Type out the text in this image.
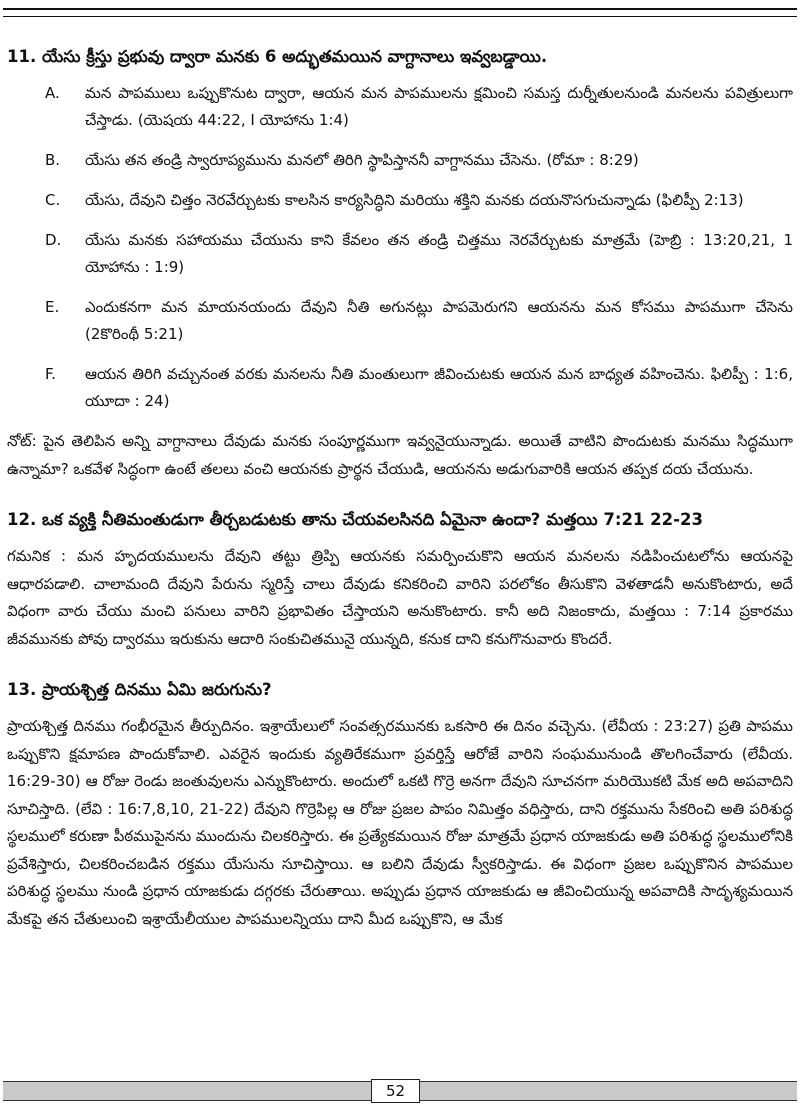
11. యేసు క్రీస్తు ప్రభువు ద్వారా మనకు 6 అద్భుతమయిన వాగ్దానాలు ఇవ్వబడ్డాయి.
A.	మన పాపములు ఒప్పుకొనుట ద్వారా, ఆయన మన పాపములను క్షమించి సమస్త దుర్నీతులనుండి మనలను పవిత్రులుగా చేస్తాడు. (యెషయ 44:22, I యోహాను 1:4)
B.	యేసు తన తండ్రి స్వారూప్యమును మనలో తిరిగి స్థాపిస్తాననీ వాగ్దానము చేసెను. (రోమా : 8:29)
C.	యేసు, దేవుని చిత్తం నెరవేర్చుటకు కాలసిన కార్యసిద్ధిని మరియు శక్తిని మనకు దయనొసగుచున్నాడు (ఫిలిప్పీ 2:13)
D.	యేసు మనకు సహాయము చేయును కాని కేవలం తన తండ్రి చిత్తము నెరవేర్చుటకు మాత్రమే (హెబ్రి : 13:20,21, 1 యోహాను : 1:9)
E.	ఎందుకనగా మన మాయనయందు దేవుని నీతి అగునట్లు పాపమెరుగని ఆయనను మన కోసము పాపముగా చేసెను (2కొరింథీ 5:21)
F.	ఆయన తిరిగి వచ్చునంత వరకు మనలను నీతి మంతులుగా జీవించుటకు ఆయన మన బాధ్యత వహించెను. ఫిలిప్పీ : 1:6, యూదా : 24)

నోట్: పైన తెలిపిన అన్ని వాగ్దానాలు దేవుడు మనకు సంపూర్ణముగా ఇవ్వనైయున్నాడు. అయితే వాటిని పొందుటకు మనము సిద్ధముగా ఉన్నామా? ఒకవేళ సిద్ధంగా ఉంటే తలలు వంచి ఆయనకు ప్రార్థన చేయుడి, ఆయనను అడుగువారికి ఆయన తప్పక దయ చేయును.

12. ఒక వ్యక్తి నీతిమంతుడుగా తీర్చబడుటకు తాను చేయవలసినది ఏమైనా ఉందా? మత్తయి 7:21 22-23

గమనిక : మన హృదయములను దేవుని తట్టు త్రిప్పి ఆయనకు సమర్పించుకొని ఆయన మనలను నడిపించుటలోను ఆయనపై ఆధారపడాలి. చాలామంది దేవుని పేరును స్మరిస్తే చాలు దేవుడు కనికరించి వారిని పరలోకం తీసుకొని వెళతాడనీ అనుకొంటారు, అదే విధంగా వారు చేయు మంచి పనులు వారిని ప్రభావితం చేస్తాయని అనుకొంటారు. కానీ అది నిజంకాదు, మత్తయి : 7:14 ప్రకారము జీవమునకు పోవు ద్వారము ఇరుకును ఆదారి సంకుచితమునై యున్నది, కనుక దాని కనుగొనువారు కొందరే.

13. ప్రాయశ్చిత్త దినము ఏమి జరుగును?

ప్రాయశ్చిత్త దినము గంభీరమైన తీర్పుదినం. ఇశ్రాయేలులో సంవత్సరమునకు ఒకసారి ఈ దినం వచ్చెను. (లేవీయ : 23:27) ప్రతి పాపము ఒప్పుకొని క్షమాపణ పొందుకోవాలి. ఎవరైన ఇందుకు వ్యతిరేకముగా ప్రవర్తిస్తే ఆరోజే వారిని సంఘమునుండి తొలగించేవారు (లేవీయ. 16:29-30) ఆ రోజు రెండు జంతువులను ఎన్నుకొంటారు. అందులో ఒకటి గొర్రె అనగా దేవుని సూచనగా మరియొకటి మేక అది అపవాదిని సూచిస్తాది. (లేవి : 16:7,8,10, 21-22) దేవుని గొర్రెపిల్ల ఆ రోజు ప్రజల పాపం నిమిత్తం వధిస్తారు, దాని రక్తమును సేకరించి అతి పరిశుద్ధ స్థలములో కరుణా పీఠముపైనను ముందును చిలకరిస్తారు. ఈ ప్రత్యేకమయిన రోజు మాత్రమే ప్రధాన యాజకుడు అతి పరిశుద్ధ స్థలములోనికి ప్రవేశిస్తారు, చిలకరించబడిన రక్తము యేసును సూచిస్తాయి. ఆ బలిని దేవుడు స్వీకరిస్తాడు. ఈ విధంగా ప్రజల ఒప్పుకొనిన పాపముల పరిశుద్ధ స్థలము నుండి ప్రధాన యాజకుడు దగ్గరకు చేరుతాయి. అప్పుడు ప్రధాన యాజకుడు ఆ జీవించియున్న అపవాదికి సాదృశ్యమయిన మేకపై తన చేతులుంచి ఇశ్రాయేలీయుల పాపములన్నియు దాని మీద ఒప్పుకొని, ఆ మేక

52
